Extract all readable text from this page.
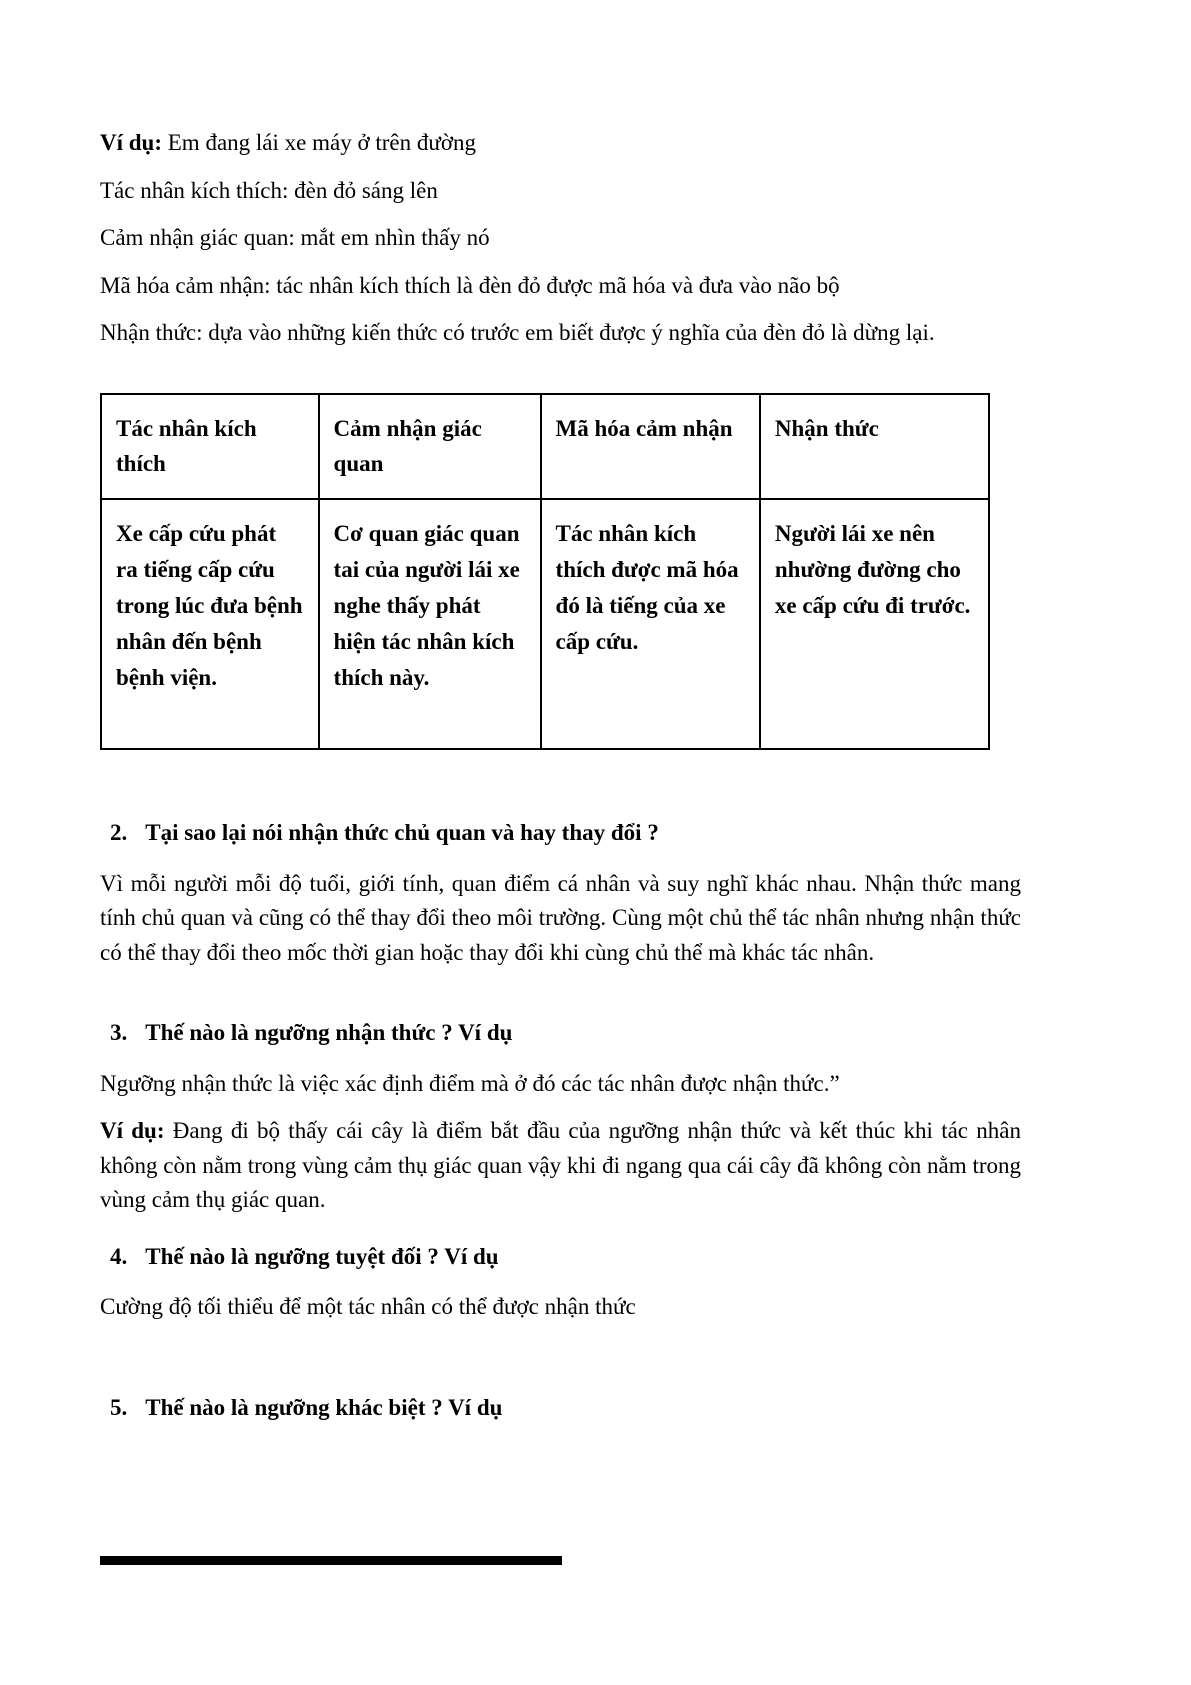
Ví dụ: Em đang lái xe máy ở trên đường

Tác nhân kích thích: đèn đỏ sáng lên

Cảm nhận giác quan: mắt em nhìn thấy nó

Mã hóa cảm nhận: tác nhân kích thích là đèn đỏ được mã hóa và đưa vào não bộ

Nhận thức: dựa vào những kiến thức có trước em biết được ý nghĩa của đèn đỏ là dừng lại.

Tác nhân kích thích	Cảm nhận giác quan	Mã hóa cảm nhận	Nhận thức
Xe cấp cứu phát ra tiếng cấp cứu trong lúc đưa bệnh nhân đến bệnh bệnh viện.	Cơ quan giác quan tai của người lái xe nghe thấy phát hiện tác nhân kích thích này.	Tác nhân kích thích được mã hóa đó là tiếng của xe cấp cứu.	Người lái xe nên nhường đường cho xe cấp cứu đi trước.
2. Tại sao lại nói nhận thức chủ quan và hay thay đổi ?

Vì mỗi người mỗi độ tuổi, giới tính, quan điểm cá nhân và suy nghĩ khác nhau. Nhận thức mang tính chủ quan và cũng có thể thay đổi theo môi trường. Cùng một chủ thể tác nhân nhưng nhận thức có thể thay đổi theo mốc thời gian hoặc thay đổi khi cùng chủ thể mà khác tác nhân.

3. Thế nào là ngưỡng nhận thức ? Ví dụ

Ngưỡng nhận thức là việc xác định điểm mà ở đó các tác nhân được nhận thức.”

Ví dụ: Đang đi bộ thấy cái cây là điểm bắt đầu của ngưỡng nhận thức và kết thúc khi tác nhân không còn nằm trong vùng cảm thụ giác quan vậy khi đi ngang qua cái cây đã không còn nằm trong vùng cảm thụ giác quan.

4. Thế nào là ngưỡng tuyệt đối ? Ví dụ

Cường độ tối thiểu để một tác nhân có thể được nhận thức

5. Thế nào là ngưỡng khác biệt ? Ví dụ
